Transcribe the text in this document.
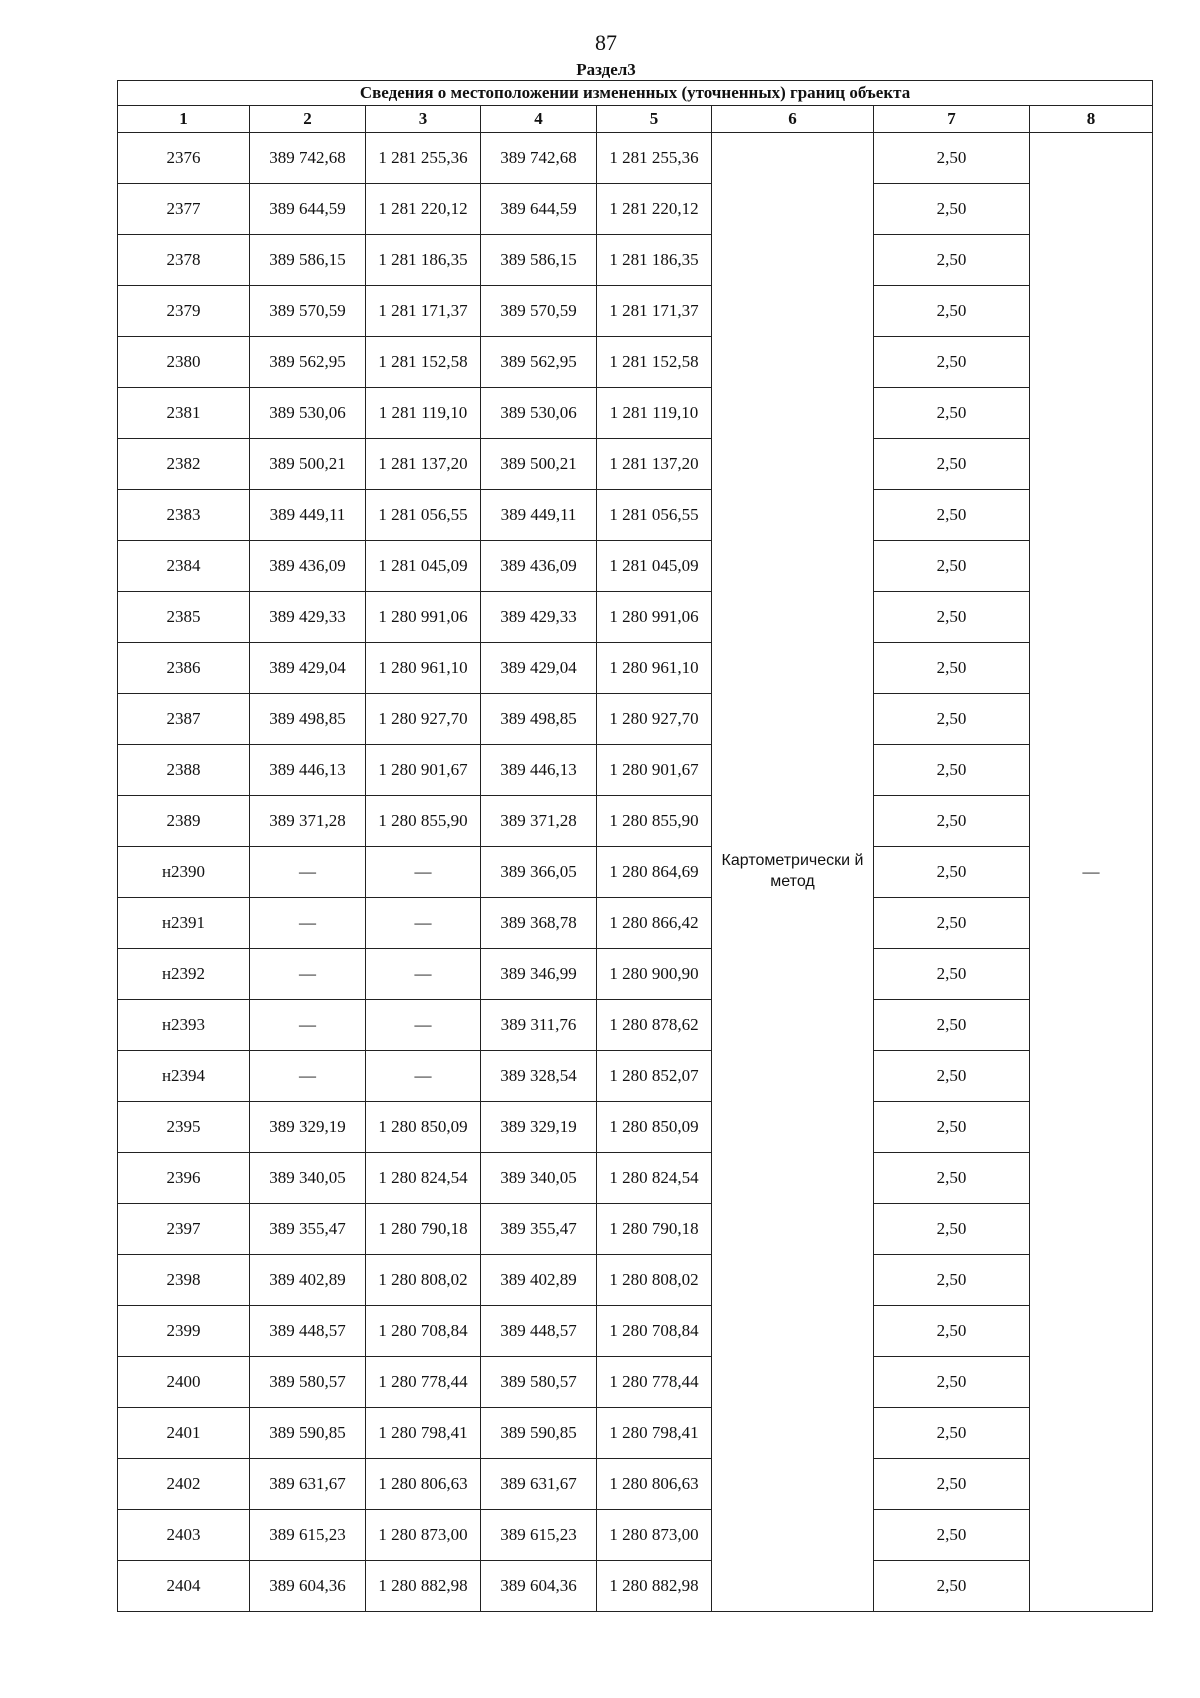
87
Раздел3
Сведения о местоположении измененных (уточненных) границ объекта							
1	2	3	4	5	6	7	8
2376	389 742,68	1 281 255,36	389 742,68	1 281 255,36	Картометрически й метод	2,50	—
2377	389 644,59	1 281 220,12	389 644,59	1 281 220,12		2,50	
2378	389 586,15	1 281 186,35	389 586,15	1 281 186,35		2,50	
2379	389 570,59	1 281 171,37	389 570,59	1 281 171,37		2,50	
2380	389 562,95	1 281 152,58	389 562,95	1 281 152,58		2,50	
2381	389 530,06	1 281 119,10	389 530,06	1 281 119,10		2,50	
2382	389 500,21	1 281 137,20	389 500,21	1 281 137,20		2,50	
2383	389 449,11	1 281 056,55	389 449,11	1 281 056,55		2,50	
2384	389 436,09	1 281 045,09	389 436,09	1 281 045,09		2,50	
2385	389 429,33	1 280 991,06	389 429,33	1 280 991,06		2,50	
2386	389 429,04	1 280 961,10	389 429,04	1 280 961,10		2,50	
2387	389 498,85	1 280 927,70	389 498,85	1 280 927,70		2,50	
2388	389 446,13	1 280 901,67	389 446,13	1 280 901,67		2,50	
2389	389 371,28	1 280 855,90	389 371,28	1 280 855,90		2,50	
н2390	—	—	389 366,05	1 280 864,69		2,50	
н2391	—	—	389 368,78	1 280 866,42		2,50	
н2392	—	—	389 346,99	1 280 900,90		2,50	
н2393	—	—	389 311,76	1 280 878,62		2,50	
н2394	—	—	389 328,54	1 280 852,07		2,50	
2395	389 329,19	1 280 850,09	389 329,19	1 280 850,09		2,50	
2396	389 340,05	1 280 824,54	389 340,05	1 280 824,54		2,50	
2397	389 355,47	1 280 790,18	389 355,47	1 280 790,18		2,50	
2398	389 402,89	1 280 808,02	389 402,89	1 280 808,02		2,50	
2399	389 448,57	1 280 708,84	389 448,57	1 280 708,84		2,50	
2400	389 580,57	1 280 778,44	389 580,57	1 280 778,44		2,50	
2401	389 590,85	1 280 798,41	389 590,85	1 280 798,41		2,50	
2402	389 631,67	1 280 806,63	389 631,67	1 280 806,63		2,50	
2403	389 615,23	1 280 873,00	389 615,23	1 280 873,00		2,50	
2404	389 604,36	1 280 882,98	389 604,36	1 280 882,98		2,50	
